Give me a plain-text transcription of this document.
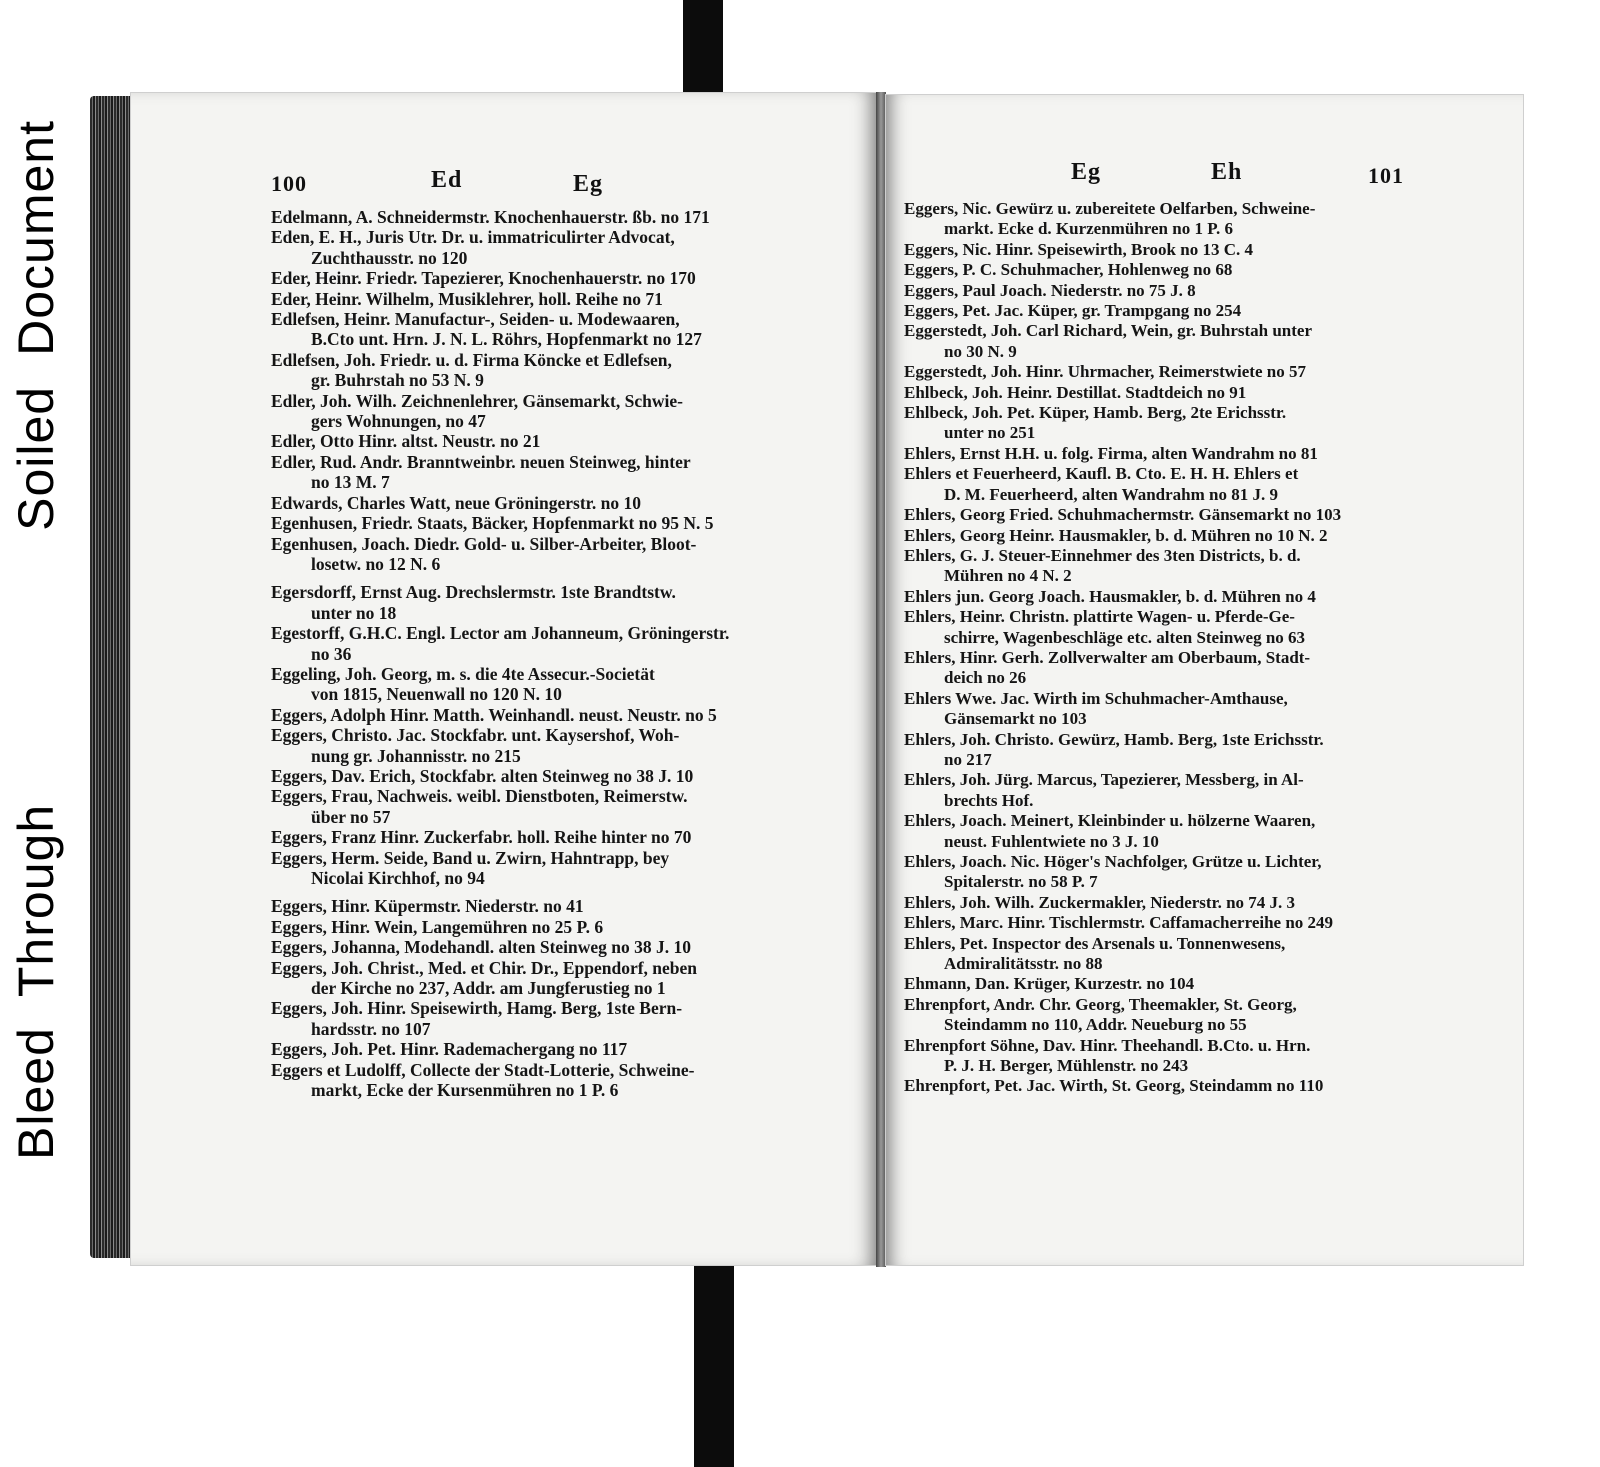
Bleed
Through
Soiled
Document	100	Ed	Eg
Edelmann, A. Schneidermstr. Knochenhauerstr. ßb. no 171
Eden, E. H., Juris Utr. Dr. u. immatriculirter Advocat,
Zuchthausstr. no 120
Eder, Heinr. Friedr. Tapezierer, Knochenhauerstr. no 170
Eder, Heinr. Wilhelm, Musiklehrer, holl. Reihe no 71
Edlefsen, Heinr. Manufactur-, Seiden- u. Modewaaren,
B.Cto unt. Hrn. J. N. L. Röhrs, Hopfenmarkt no 127
Edlefsen, Joh. Friedr. u. d. Firma Köncke et Edlefsen,
gr. Buhrstah no 53 N. 9
Edler, Joh. Wilh. Zeichnenlehrer, Gänsemarkt, Schwie-
gers Wohnungen, no 47
Edler, Otto Hinr. altst. Neustr. no 21
Edler, Rud. Andr. Branntweinbr. neuen Steinweg, hinter
no 13 M. 7
Edwards, Charles Watt, neue Gröningerstr. no 10
Egenhusen, Friedr. Staats, Bäcker, Hopfenmarkt no 95 N. 5
Egenhusen, Joach. Diedr. Gold- u. Silber-Arbeiter, Bloot-
losetw. no 12 N. 6
Egersdorff, Ernst Aug. Drechslermstr. 1ste Brandtstw.
unter no 18
Egestorff, G.H.C. Engl. Lector am Johanneum, Gröningerstr.
no 36
Eggeling, Joh. Georg, m. s. die 4te Assecur.-Societät
von 1815, Neuenwall no 120 N. 10
Eggers, Adolph Hinr. Matth. Weinhandl. neust. Neustr. no 5
Eggers, Christo. Jac. Stockfabr. unt. Kaysershof, Woh-
nung gr. Johannisstr. no 215
Eggers, Dav. Erich, Stockfabr. alten Steinweg no 38 J. 10
Eggers, Frau, Nachweis. weibl. Dienstboten, Reimerstw.
über no 57
Eggers, Franz Hinr. Zuckerfabr. holl. Reihe hinter no 70
Eggers, Herm. Seide, Band u. Zwirn, Hahntrapp, bey
Nicolai Kirchhof, no 94
Eggers, Hinr. Küpermstr. Niederstr. no 41
Eggers, Hinr. Wein, Langemühren no 25 P. 6
Eggers, Johanna, Modehandl. alten Steinweg no 38 J. 10
Eggers, Joh. Christ., Med. et Chir. Dr., Eppendorf, neben
der Kirche no 237, Addr. am Jungferustieg no 1
Eggers, Joh. Hinr. Speisewirth, Hamg. Berg, 1ste Bern-
hardsstr. no 107
Eggers, Joh. Pet. Hinr. Rademachergang no 117
Eggers et Ludolff, Collecte der Stadt-Lotterie, Schweine-
markt, Ecke der Kursenmühren no 1 P. 6
Eg	Eh	101
Eggers, Nic. Gewürz u. zubereitete Oelfarben, Schweine-
markt. Ecke d. Kurzenmühren no 1 P. 6
Eggers, Nic. Hinr. Speisewirth, Brook no 13 C. 4
Eggers, P. C. Schuhmacher, Hohlenweg no 68
Eggers, Paul Joach. Niederstr. no 75 J. 8
Eggers, Pet. Jac. Küper, gr. Trampgang no 254
Eggerstedt, Joh. Carl Richard, Wein, gr. Buhrstah unter
no 30 N. 9
Eggerstedt, Joh. Hinr. Uhrmacher, Reimerstwiete no 57
Ehlbeck, Joh. Heinr. Destillat. Stadtdeich no 91
Ehlbeck, Joh. Pet. Küper, Hamb. Berg, 2te Erichsstr.
unter no 251
Ehlers, Ernst H.H. u. folg. Firma, alten Wandrahm no 81
Ehlers et Feuerheerd, Kaufl. B. Cto. E. H. H. Ehlers et
D. M. Feuerheerd, alten Wandrahm no 81 J. 9
Ehlers, Georg Fried. Schuhmachermstr. Gänsemarkt no 103
Ehlers, Georg Heinr. Hausmakler, b. d. Mühren no 10 N. 2
Ehlers, G. J. Steuer-Einnehmer des 3ten Districts, b. d.
Mühren no 4 N. 2
Ehlers jun. Georg Joach. Hausmakler, b. d. Mühren no 4
Ehlers, Heinr. Christn. plattirte Wagen- u. Pferde-Ge-
schirre, Wagenbeschläge etc. alten Steinweg no 63
Ehlers, Hinr. Gerh. Zollverwalter am Oberbaum, Stadt-
deich no 26
Ehlers Wwe. Jac. Wirth im Schuhmacher-Amthause,
Gänsemarkt no 103
Ehlers, Joh. Christo. Gewürz, Hamb. Berg, 1ste Erichsstr.
no 217
Ehlers, Joh. Jürg. Marcus, Tapezierer, Messberg, in Al-
brechts Hof.
Ehlers, Joach. Meinert, Kleinbinder u. hölzerne Waaren,
neust. Fuhlentwiete no 3 J. 10
Ehlers, Joach. Nic. Höger's Nachfolger, Grütze u. Lichter,
Spitalerstr. no 58 P. 7
Ehlers, Joh. Wilh. Zuckermakler, Niederstr. no 74 J. 3
Ehlers, Marc. Hinr. Tischlermstr. Caffamacherreihe no 249
Ehlers, Pet. Inspector des Arsenals u. Tonnenwesens,
Admiralitätsstr. no 88
Ehmann, Dan. Krüger, Kurzestr. no 104
Ehrenpfort, Andr. Chr. Georg, Theemakler, St. Georg,
Steindamm no 110, Addr. Neueburg no 55
Ehrenpfort Söhne, Dav. Hinr. Theehandl. B.Cto. u. Hrn.
P. J. H. Berger, Mühlenstr. no 243
Ehrenpfort, Pet. Jac. Wirth, St. Georg, Steindamm no 110
